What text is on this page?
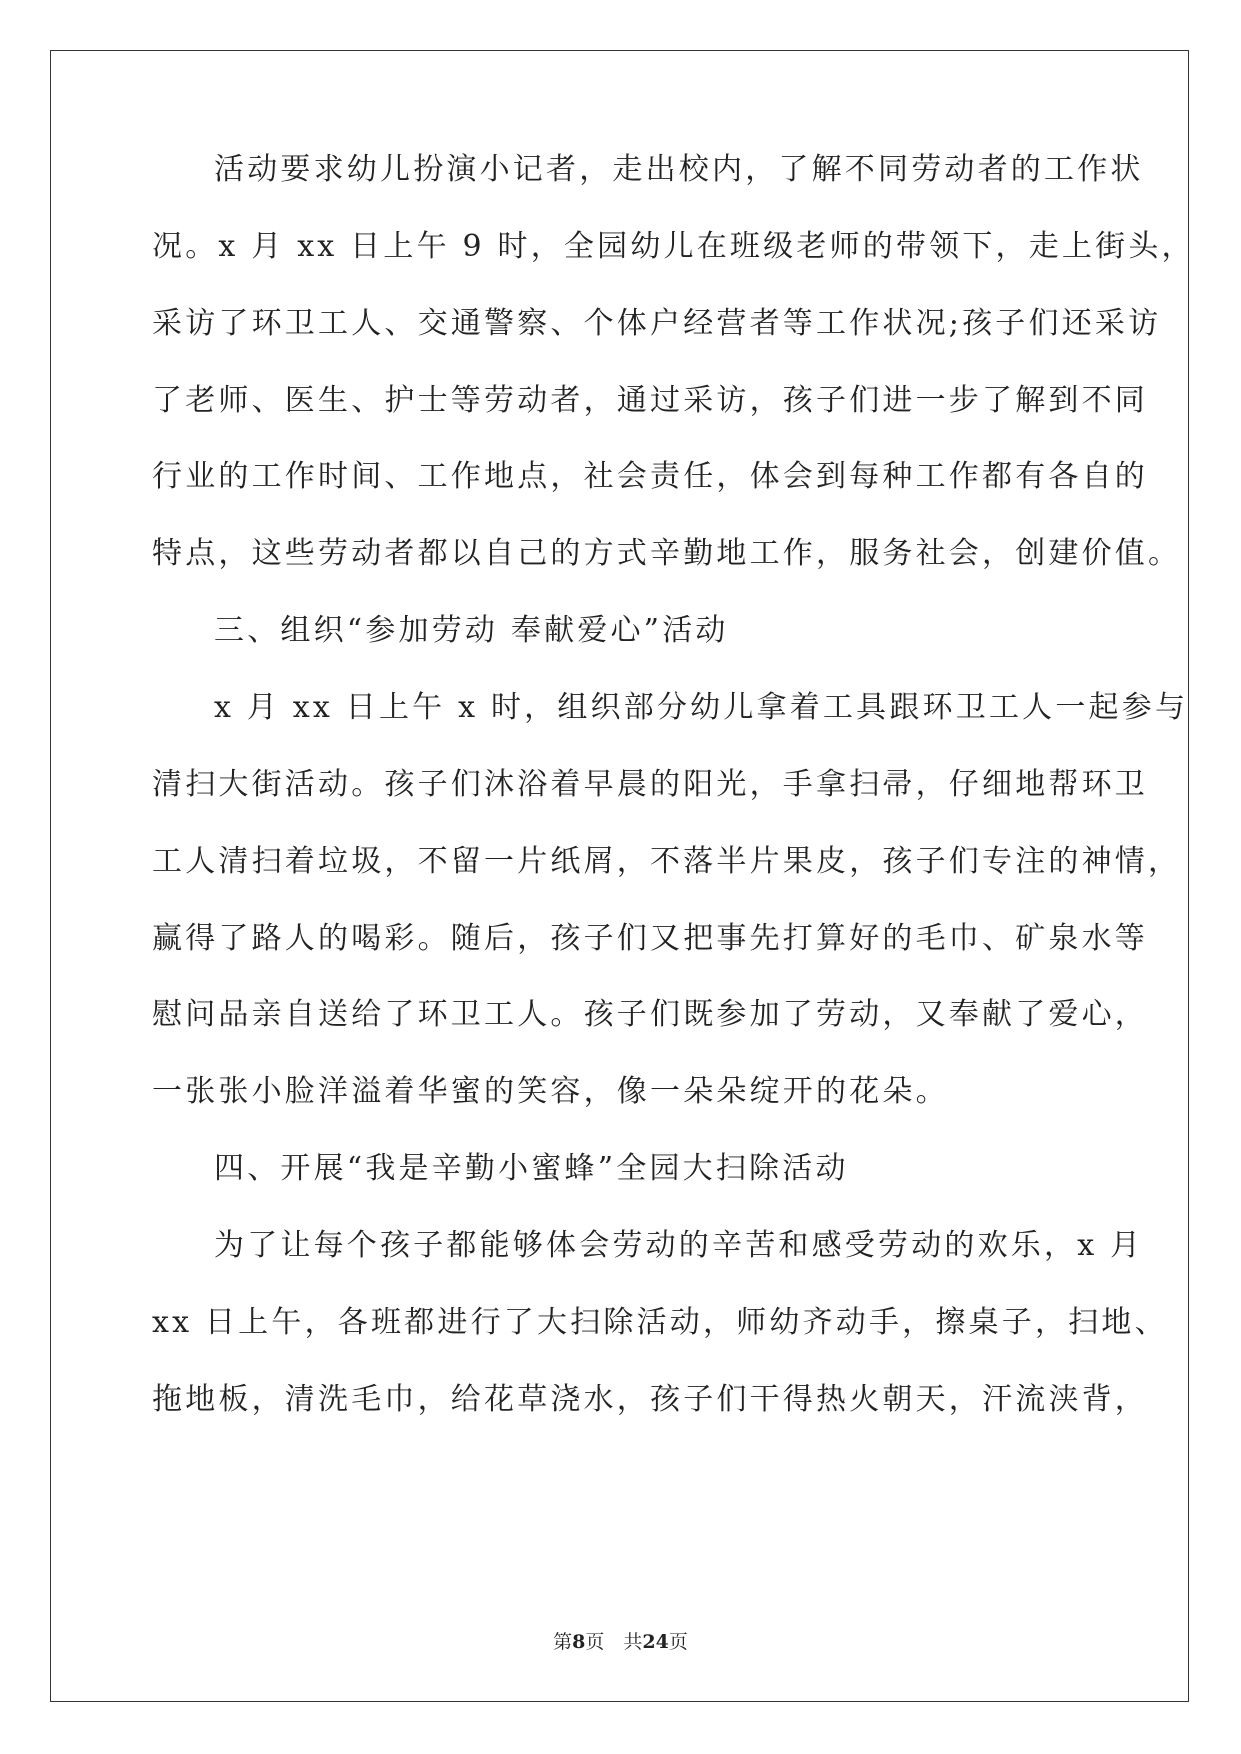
活动要求幼儿扮演小记者，走出校内，了解不同劳动者的工作状
况。x 月 xx 日上午 9 时，全园幼儿在班级老师的带领下，走上街头，
采访了环卫工人、交通警察、个体户经营者等工作状况;孩子们还采访
了老师、医生、护士等劳动者，通过采访，孩子们进一步了解到不同
行业的工作时间、工作地点，社会责任，体会到每种工作都有各自的
特点，这些劳动者都以自己的方式辛勤地工作，服务社会，创建价值。
三、组织“参加劳动 奉献爱心”活动
x 月 xx 日上午 x 时，组织部分幼儿拿着工具跟环卫工人一起参与
清扫大街活动。孩子们沐浴着早晨的阳光，手拿扫帚，仔细地帮环卫
工人清扫着垃圾，不留一片纸屑，不落半片果皮，孩子们专注的神情，
赢得了路人的喝彩。随后，孩子们又把事先打算好的毛巾、矿泉水等
慰问品亲自送给了环卫工人。孩子们既参加了劳动，又奉献了爱心，
一张张小脸洋溢着华蜜的笑容，像一朵朵绽开的花朵。
四、开展“我是辛勤小蜜蜂”全园大扫除活动
为了让每个孩子都能够体会劳动的辛苦和感受劳动的欢乐，x 月
xx 日上午，各班都进行了大扫除活动，师幼齐动手，擦桌子，扫地、
拖地板，清洗毛巾，给花草浇水，孩子们干得热火朝天，汗流浃背，
第8页　共24页
